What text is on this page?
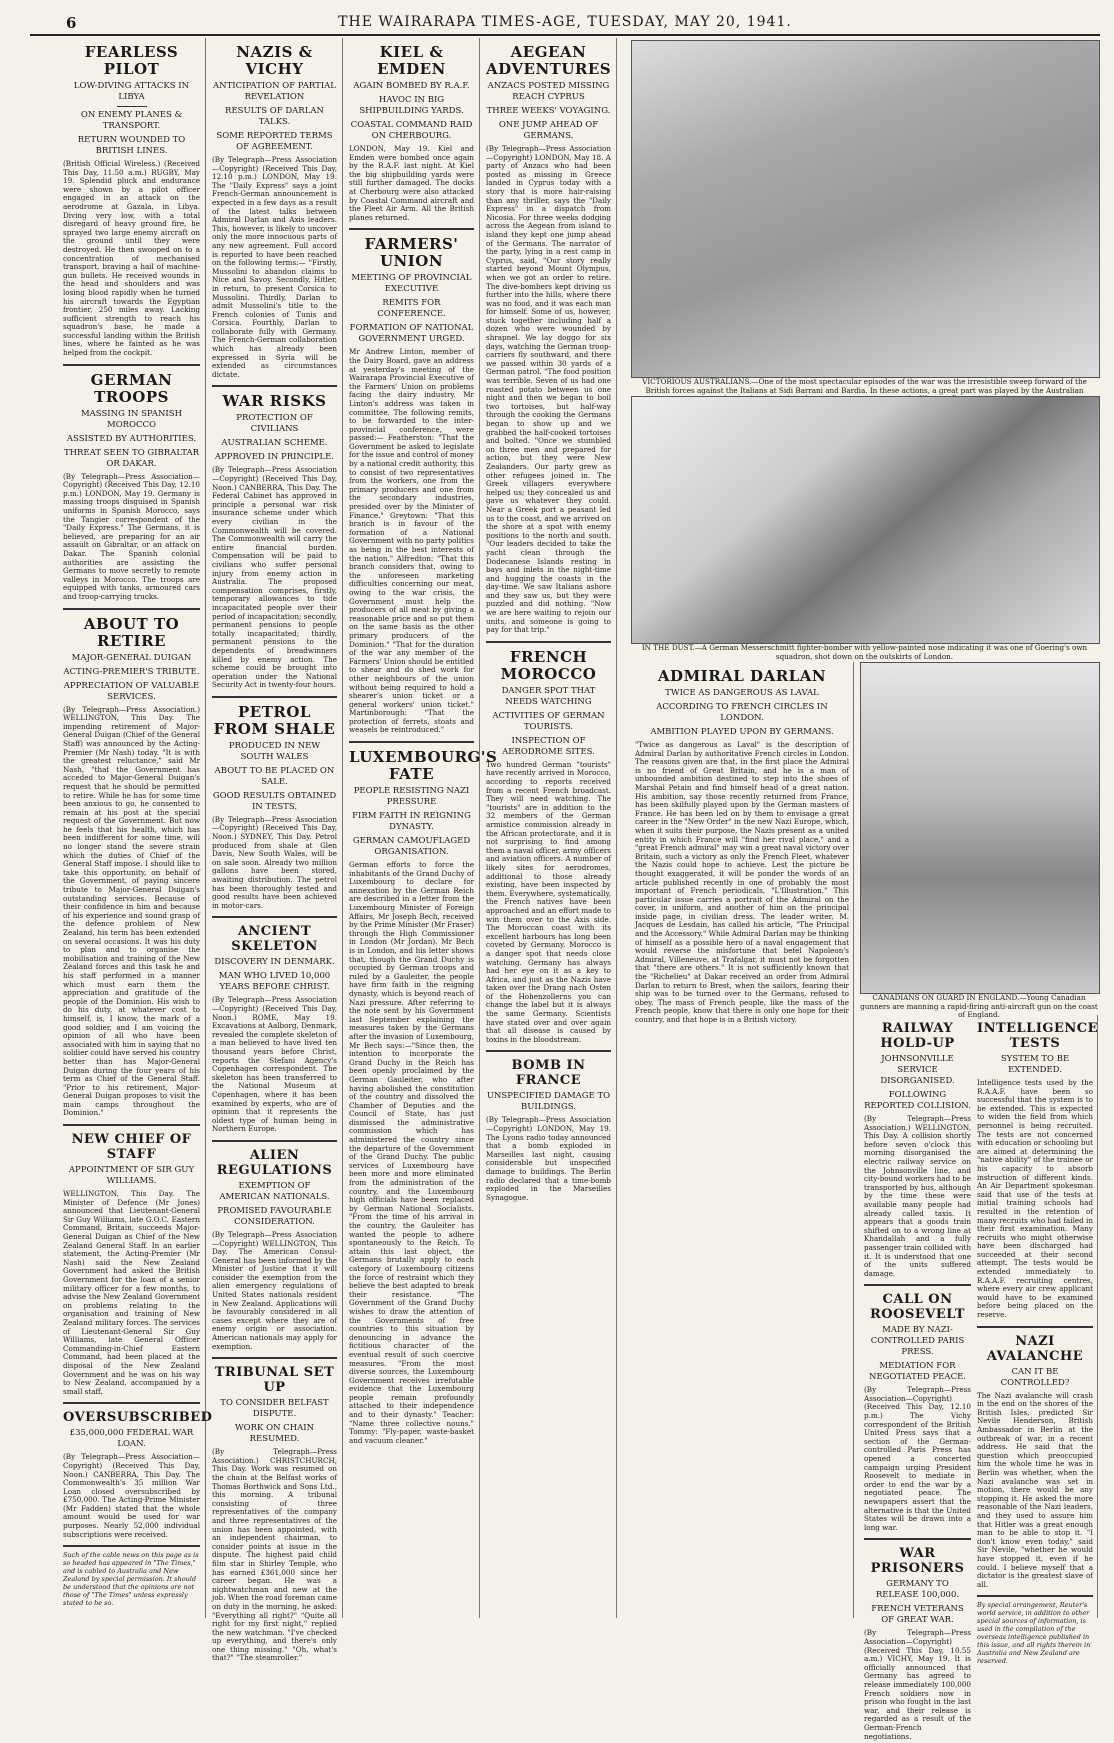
6	THE WAIRARAPA TIMES-AGE, TUESDAY, MAY 20, 1941.
FEARLESS PILOT
LOW-DIVING ATTACKS IN LIBYA
ON ENEMY PLANES & TRANSPORT.
RETURN WOUNDED TO BRITISH LINES.
(British Official Wireless.) (Received This Day, 11.50 a.m.) RUGBY, May 19. Splendid pluck and endurance were shown by a pilot officer engaged in an attack on the aerodrome at Gazala, in Libya. Diving very low, with a total disregard of heavy ground fire, he sprayed two large enemy aircraft on the ground until they were destroyed. He then swooped on to a concentration of mechanised transport, braving a hail of machine-gun bullets. He received wounds in the head and shoulders and was losing blood rapidly when he turned his aircraft towards the Egyptian frontier, 250 miles away. Lacking sufficient strength to reach his squadron's base, he made a successful landing within the British lines, where he fainted as he was helped from the cockpit.
GERMAN TROOPS
MASSING IN SPANISH MOROCCO
ASSISTED BY AUTHORITIES.
THREAT SEEN TO GIBRALTAR OR DAKAR.
(By Telegraph—Press Association—Copyright) (Received This Day, 12.10 p.m.) LONDON, May 19. Germany is massing troops disguised in Spanish uniforms in Spanish Morocco, says the Tangier correspondent of the "Daily Express." The Germans, it is believed, are preparing for an air assault on Gibraltar, or an attack on Dakar. The Spanish colonial authorities are assisting the Germans to move secretly to remote valleys in Morocco. The troops are equipped with tanks, armoured cars and troop-carrying trucks.
ABOUT TO RETIRE
MAJOR-GENERAL DUIGAN
ACTING-PREMIER'S TRIBUTE.
APPRECIATION OF VALUABLE SERVICES.
(By Telegraph—Press Association.) WELLINGTON, This Day. The impending retirement of Major-General Duigan (Chief of the General Staff) was announced by the Acting-Premier (Mr Nash) today. "It is with the greatest reluctance," said Mr Nash, "that the Government has acceded to Major-General Duigan's request that he should be permitted to retire. While he has for some time been anxious to go, he consented to remain at his post at the special request of the Government. But now he feels that his health, which has been indifferent for some time, will no longer stand the severe strain which the duties of Chief of the General Staff impose. I should like to take this opportunity, on behalf of the Government, of paying sincere tribute to Major-General Duigan's outstanding services. Because of their confidence in him and because of his experience and sound grasp of the defence problem of New Zealand, his term has been extended on several occasions. It was his duty to plan and to organise the mobilisation and training of the New Zealand forces and this task he and his staff performed in a manner which must earn them the appreciation and gratitude of the people of the Dominion. His wish to do his duty, at whatever cost to himself, is, I know, the mark of a good soldier, and I am voicing the opinion of all who have been associated with him in saying that no soldier could have served his country better than has Major-General Duigan during the four years of his term as Chief of the General Staff. "Prior to his retirement, Major-General Duigan proposes to visit the main camps throughout the Dominion."
NEW CHIEF OF STAFF
APPOINTMENT OF SIR GUY WILLIAMS.
WELLINGTON, This Day. The Minister of Defence (Mr Jones) announced that Lieutenant-General Sir Guy Williams, late G.O.C. Eastern Command, Britain, succeeds Major-General Duigan as Chief of the New Zealand General Staff. In an earlier statement, the Acting-Premier (Mr Nash) said the New Zealand Government had asked the British Government for the loan of a senior military officer for a few months, to advise the New Zealand Government on problems relating to the organisation and training of New Zealand military forces. The services of Lieutenant-General Sir Guy Williams, late General Officer Commanding-in-Chief Eastern Command, had been placed at the disposal of the New Zealand Government and he was on his way to New Zealand, accompanied by a small staff.
OVERSUBSCRIBED
£35,000,000 FEDERAL WAR LOAN.
(By Telegraph—Press Association—Copyright) (Received This Day, Noon.) CANBERRA, This Day. The Commonwealth's 35 million War Loan closed oversubscribed by £750,000. The Acting-Prime Minister (Mr Fadden) stated that the whole amount would be used for war purposes. Nearly 52,000 individual subscriptions were received.
Such of the cable news on this page as is so headed has appeared in "The Times," and is cabled to Australia and New Zealand by special permission. It should be understood that the opinions are not those of "The Times" unless expressly stated to be so.
NAZIS & VICHY
ANTICIPATION OF PARTIAL REVELATION
RESULTS OF DARLAN TALKS.
SOME REPORTED TERMS OF AGREEMENT.
(By Telegraph—Press Association—Copyright) (Received This Day, 12.10 p.m.) LONDON, May 19. The "Daily Express" says a joint French-German announcement is expected in a few days as a result of the latest talks between Admiral Darlan and Axis leaders. This, however, is likely to uncover only the more innocuous parts of any new agreement. Full accord is reported to have been reached on the following terms:— "Firstly, Mussolini to abandon claims to Nice and Savoy. Secondly, Hitler, in return, to present Corsica to Mussolini. Thirdly, Darlan to admit Mussolini's title to the French colonies of Tunis and Corsica. Fourthly, Darlan to collaborate fully with Germany. The French-German collaboration which has already been expressed in Syria will be extended as circumstances dictate.
WAR RISKS
PROTECTION OF CIVILIANS
AUSTRALIAN SCHEME.
APPROVED IN PRINCIPLE.
(By Telegraph—Press Association—Copyright) (Received This Day, Noon.) CANBERRA, This Day. The Federal Cabinet has approved in principle a personal war risk insurance scheme under which every civilian in the Commonwealth will be covered. The Commonwealth will carry the entire financial burden. Compensation will be paid to civilians who suffer personal injury from enemy action in Australia. The proposed compensation comprises, firstly, temporary allowances to tide incapacitated people over their period of incapacitation; secondly, permanent pensions to people totally incapacitated; thirdly, permanent pensions to the dependents of breadwinners killed by enemy action. The scheme could be brought into operation under the National Security Act in twenty-four hours.
PETROL FROM SHALE
PRODUCED IN NEW SOUTH WALES
ABOUT TO BE PLACED ON SALE.
GOOD RESULTS OBTAINED IN TESTS.
(By Telegraph—Press Association—Copyright) (Received This Day, Noon.) SYDNEY, This Day. Petrol produced from shale at Glen Davis, New South Wales, will be on sale soon. Already two million gallons have been stored, awaiting distribution. The petrol has been thoroughly tested and good results have been achieved in motor-cars.
ANCIENT SKELETON
DISCOVERY IN DENMARK.
MAN WHO LIVED 10,000 YEARS BEFORE CHRIST.
(By Telegraph—Press Association—Copyright) (Received This Day, Noon.) ROME, May 19. Excavations at Aalborg, Denmark, revealed the complete skeleton of a man believed to have lived ten thousand years before Christ, reports the Stefani Agency's Copenhagen correspondent. The skeleton has been transferred to the National Museum at Copenhagen, where it has been examined by experts, who are of opinion that it represents the oldest type of human being in Northern Europe.
ALIEN REGULATIONS
EXEMPTION OF AMERICAN NATIONALS.
PROMISED FAVOURABLE CONSIDERATION.
(By Telegraph—Press Association—Copyright) WELLINGTON, This Day. The American Consul-General has been informed by the Minister of Justice that it will consider the exemption from the alien emergency regulations of United States nationals resident in New Zealand. Applications will be favourably considered in all cases except where they are of enemy origin or association. American nationals may apply for exemption.
TRIBUNAL SET UP
TO CONSIDER BELFAST DISPUTE.
WORK ON CHAIN RESUMED.
(By Telegraph—Press Association.) CHRISTCHURCH, This Day. Work was resumed on the chain at the Belfast works of Thomas Borthwick and Sons Ltd., this morning. A tribunal consisting of three representatives of the company and three representatives of the union has been appointed, with an independent chairman, to consider points at issue in the dispute. The highest paid child film star in Shirley Temple, who has earned £361,000 since her career began. He was a nightwatchman and new at the job. When the road foreman came on duty in the morning, he asked: "Everything all right?" "Quite all right for my first night," replied the new watchman. "I've checked up everything, and there's only one thing missing." "Oh, what's that?" "The steamroller."
KIEL & EMDEN
AGAIN BOMBED BY R.A.F.
HAVOC IN BIG SHIPBUILDING YARDS.
COASTAL COMMAND RAID ON CHERBOURG.
LONDON, May 19. Kiel and Emden were bombed once again by the R.A.F. last night. At Kiel the big shipbuilding yards were still further damaged. The docks at Cherbourg were also attacked by Coastal Command aircraft and the Fleet Air Arm. All the British planes returned.
FARMERS' UNION
MEETING OF PROVINCIAL EXECUTIVE
REMITS FOR CONFERENCE.
FORMATION OF NATIONAL GOVERNMENT URGED.
Mr Andrew Linton, member of the Dairy Board, gave an address at yesterday's meeting of the Wairarapa Provincial Executive of the Farmers' Union on problems facing the dairy industry. Mr Linton's address was taken in committee. The following remits, to be forwarded to the inter-provincial conference, were passed:— Featherston: "That the Government be asked to legislate for the issue and control of money by a national credit authority, this to consist of two representatives from the workers, one from the primary producers and one from the secondary industries, presided over by the Minister of Finance." Greytown: "That this branch is in favour of the formation of a National Government with no party politics as being in the best interests of the nation." Alfredton: "That this branch considers that, owing to the unforeseen marketing difficulties concerning our meat, owing to the war crisis, the Government must help the producers of all meat by giving a reasonable price and so put them on the same basis as the other primary producers of the Dominion." "That for the duration of the war any member of the Farmers' Union should be entitled to shear and do shed work for other neighbours of the union without being required to hold a shearer's union ticket or a general workers' union ticket." Martinborough: "That the protection of ferrets, stoats and weasels be reintroduced."
LUXEMBOURG'S FATE
PEOPLE RESISTING NAZI PRESSURE
FIRM FAITH IN REIGNING DYNASTY.
GERMAN CAMOUFLAGED ORGANISATION.
German efforts to force the inhabitants of the Grand Duchy of Luxembourg to declare for annexation by the German Reich are described in a letter from the Luxembourg Minister of Foreign Affairs, Mr Joseph Bech, received by the Prime Minister (Mr Fraser) through the High Commissioner in London (Mr Jordan). Mr Bech is in London, and his letter shows that, though the Grand Duchy is occupied by German troops and ruled by a Gauleiter, the people have firm faith in the reigning dynasty, which is beyond reach of Nazi pressure. After referring to the note sent by his Government last September explaining the measures taken by the Germans after the invasion of Luxembourg, Mr Bech says:—"Since then, the intention to incorporate the Grand Duchy in the Reich has been openly proclaimed by the German Gauleiter, who after having abolished the constitution of the country and dissolved the Chamber of Deputies and the Council of State, has just dismissed the administrative commission which has administered the country since the departure of the Government of the Grand Duchy. The public services of Luxembourg have been more and more eliminated from the administration of the country, and the Luxembourg high officials have been replaced by German National Socialists. "From the time of his arrival in the country, the Gauleiter has wanted the people to adhere spontaneously to the Reich. To attain this last object, the Germans brutally apply to each category of Luxembourg citizens the force of restraint which they believe the best adapted to break their resistance. "The Government of the Grand Duchy wishes to draw the attention of the Governments of free countries to this situation by denouncing in advance the fictitious character of the eventual result of such coercive measures. "From the most diverse sources, the Luxembourg Government receives irrefutable evidence that the Luxembourg people remain profoundly attached to their independence and to their dynasty." Teacher: "Name three collective nouns." Tommy: "Fly-paper, waste-basket and vacuum cleaner."
AEGEAN ADVENTURES
ANZACS POSTED MISSING REACH CYPRUS
THREE WEEKS' VOYAGING.
ONE JUMP AHEAD OF GERMANS.
(By Telegraph—Press Association—Copyright) LONDON, May 18. A party of Anzacs who had been posted as missing in Greece landed in Cyprus today with a story that is more hair-raising than any thriller, says the "Daily Express" in a dispatch from Nicosia. For three weeks dodging across the Aegean from island to island they kept one jump ahead of the Germans. The narrator of the party, lying in a rest camp in Cyprus, said, "Our story really started beyond Mount Olympus, when we got an order to retire. The dive-bombers kept driving us further into the hills, where there was no food, and it was each man for himself. Some of us, however, stuck together including half a dozen who were wounded by shrapnel. We lay doggo for six days, watching the German troop-carriers fly southward, and there we passed within 30 yards of a German patrol. "The food position was terrible. Seven of us had one roasted potato between us one night and then we began to boil two tortoises, but half-way through the cooking the Germans began to show up and we grabbed the half-cooked tortoises and bolted. "Once we stumbled on three men and prepared for action, but they were New Zealanders. Our party grew as other refugees joined in. The Greek villagers everywhere helped us; they concealed us and gave us whatever they could. Near a Greek port a peasant led us to the coast, and we arrived on the shore at a spot with enemy positions to the north and south. "Our leaders decided to take the yacht clean through the Dodecanese Islands resting in bays and inlets in the night-time and hugging the coasts in the day-time. We saw Italians ashore and they saw us, but they were puzzled and did nothing. "Now we are here waiting to rejoin our units, and someone is going to pay for that trip."
FRENCH MOROCCO
DANGER SPOT THAT NEEDS WATCHING
ACTIVITIES OF GERMAN TOURISTS.
INSPECTION OF AERODROME SITES.
Two hundred German "tourists" have recently arrived in Morocco, according to reports received from a recent French broadcast. They will need watching. The "tourists" are in addition to the 32 members of the German armistice commission already in the African protectorate, and it is not surprising to find among them a naval officer, army officers and aviation officers. A number of likely sites for aerodromes, additional to those already existing, have been inspected by them. Everywhere, systematically, the French natives have been approached and an effort made to win them over to the Axis side. The Moroccan coast with its excellent harbours has long been coveted by Germany. Morocco is a danger spot that needs close watching. Germany has always had her eye on it as a key to Africa, and just as the Nazis have taken over the Drang nach Osten of the Hohenzollerns you can change the label but it is always the same Germany. Scientists have stated over and over again that all disease is caused by toxins in the bloodstream.
BOMB IN FRANCE
UNSPECIFIED DAMAGE TO BUILDINGS.
(By Telegraph—Press Association—Copyright) LONDON, May 19. The Lyons radio today announced that a bomb exploded in Marseilles last night, causing considerable but unspecified damage to buildings. The Berlin radio declared that a time-bomb exploded in the Marseilles Synagogue.
VICTORIOUS AUSTRALIANS.—One of the most spectacular episodes of the war was the irresistible sweep forward of the British forces against the Italians at Sidi Barrani and Bardia. In these actions, a great part was played by the Australian
IN THE DUST.—A German Messerschmitt fighter-bomber with yellow-painted nose indicating it was one of Goering's own squadron, shot down on the outskirts of London.
CANADIANS ON GUARD IN ENGLAND.—Young Canadian gunners are manning a rapid-firing anti-aircraft gun on the coast of England.
ADMIRAL DARLAN
TWICE AS DANGEROUS AS LAVAL
ACCORDING TO FRENCH CIRCLES IN LONDON.
AMBITION PLAYED UPON BY GERMANS.
"Twice as dangerous as Laval" is the description of Admiral Darlan by authoritative French circles in London. The reasons given are that, in the first place the Admiral is no friend of Great Britain, and he is a man of unbounded ambition destined to step into the shoes of Marshal Petain and find himself head of a great nation. His ambition, say those recently returned from France, has been skilfully played upon by the German masters of France. He has been led on by them to envisage a great career in the "New Order" in the new Nazi Europe, which, when it suits their purpose, the Nazis present as a united entity in which France will "find her rival place," and a "great French admiral" may win a great naval victory over Britain, such a victory as only the French Fleet, whatever the Nazis could hope to achieve. Lest the picture be thought exaggerated, it will be ponder the words of an article published recently in one of probably the most important of French periodicals, "L'Illustration." This particular issue carries a portrait of the Admiral on the cover, in uniform, and another of him on the principal inside page, in civilian dress. The leader writer, M. Jacques de Lesdain, has called his article, "The Principal and the Accessory." While Admiral Darlan may be thinking of himself as a possible hero of a naval engagement that would reverse the misfortune that befel Napoleon's Admiral, Villeneuve, at Trafalgar, it must not be forgotten that "there are others." It is not sufficiently known that the "Richelieu" at Dakar received an order from Admiral Darlan to return to Brest, when the sailors, fearing their ship was to be turned over to the Germans, refused to obey. The mass of French people, like the mass of the French people, know that there is only one hope for their country, and that hope is in a British victory.
RAILWAY HOLD-UP
JOHNSONVILLE SERVICE DISORGANISED.
FOLLOWING REPORTED COLLISION.
(By Telegraph—Press Association.) WELLINGTON, This Day. A collision shortly before seven o'clock this morning disorganised the electric railway service on the Johnsonville line, and city-bound workers had to be transported by bus, although by the time these were available many people had already called taxis. It appears that a goods train shifted on to a wrong line at Khandallah and a fully passenger train collided with it. It is understood that one of the units suffered damage.
CALL ON ROOSEVELT
MADE BY NAZI-CONTROLLED PARIS PRESS.
MEDIATION FOR NEGOTIATED PEACE.
(By Telegraph—Press Association—Copyright) (Received This Day, 12.10 p.m.) The Vichy correspondent of the British United Press says that a section of the German-controlled Paris Press has opened a concerted campaign urging President Roosevelt to mediate in order to end the war by a negotiated peace. The newspapers assert that the alternative is that the United States will be drawn into a long war.
WAR PRISONERS
GERMANY TO RELEASE 100,000.
FRENCH VETERANS OF GREAT WAR.
(By Telegraph—Press Association—Copyright) (Received This Day, 10.55 a.m.) VICHY, May 19. It is officially announced that Germany has agreed to release immediately 100,000 French soldiers now in prison who fought in the last war, and their release is regarded as a result of the German-French negotiations.
INTELLIGENCE TESTS
SYSTEM TO BE EXTENDED.
Intelligence tests used by the R.A.A.F. have been so successful that the system is to be extended. This is expected to widen the field from which personnel is being recruited. The tests are not concerned with education or schooling but are aimed at determining the "native ability" of the trainee or his capacity to absorb instruction of different kinds. An Air Department spokesman said that use of the tests at initial training schools had resulted in the retention of many recruits who had failed in their first examination. Many recruits who might otherwise have been discharged had succeeded at their second attempt. The tests would be extended immediately to R.A.A.F. recruiting centres, where every air crew applicant would have to be examined before being placed on the reserve.
NAZI AVALANCHE
CAN IT BE CONTROLLED?
The Nazi avalanche will crash in the end on the shores of the British Isles, predicted Sir Nevile Henderson, British Ambassador in Berlin at the outbreak of war, in a recent address. He said that the question which preoccupied him the whole time he was in Berlin was whether, when the Nazi avalanche was set in motion, there would be any stopping it. He asked the more reasonable of the Nazi leaders, and they used to assure him that Hitler was a great enough man to be able to stop it. "I don't know even today," said Sir Nevile, "whether he would have stopped it, even if he could. I believe myself that a dictator is the greatest slave of all.
By special arrangement, Reuter's world service, in addition to other special sources of information, is used in the compilation of the overseas intelligence published in this issue, and all rights therein in Australia and New Zealand are reserved.
